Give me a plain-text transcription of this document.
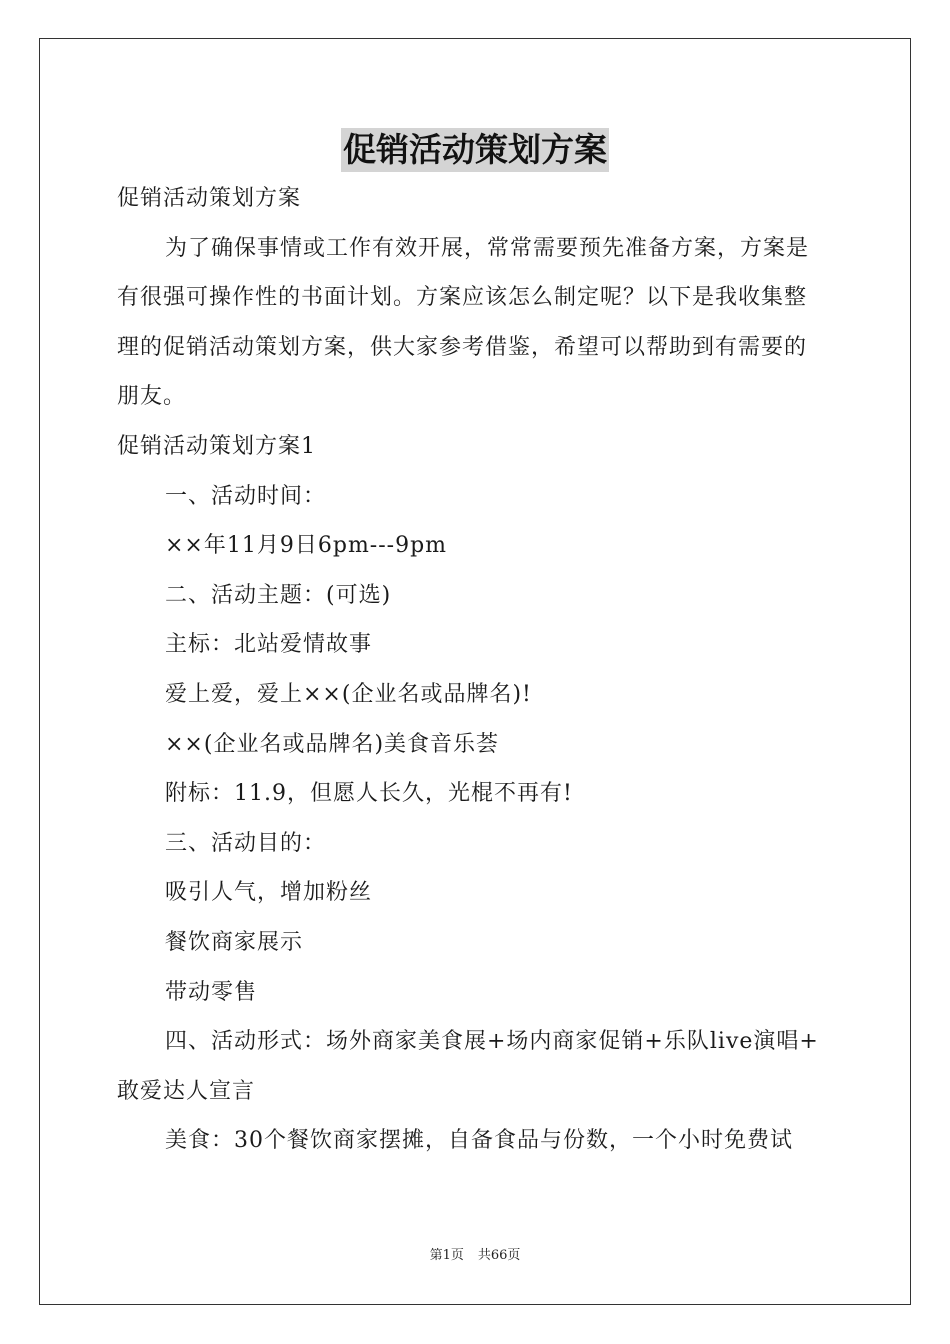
促销活动策划方案
促销活动策划方案
为了确保事情或工作有效开展，常常需要预先准备方案，方案是
有很强可操作性的书面计划。方案应该怎么制定呢？以下是我收集整
理的促销活动策划方案，供大家参考借鉴，希望可以帮助到有需要的
朋友。
促销活动策划方案1
一、活动时间：
××年11月9日6pm---9pm
二、活动主题：(可选)
主标：北站爱情故事
爱上爱，爱上××(企业名或品牌名)!
××(企业名或品牌名)美食音乐荟
附标：11.9，但愿人长久，光棍不再有!
三、活动目的：
吸引人气，增加粉丝
餐饮商家展示
带动零售
四、活动形式：场外商家美食展+场内商家促销+乐队live演唱+
敢爱达人宣言
美食：30个餐饮商家摆摊，自备食品与份数，一个小时免费试
第1页 共66页
